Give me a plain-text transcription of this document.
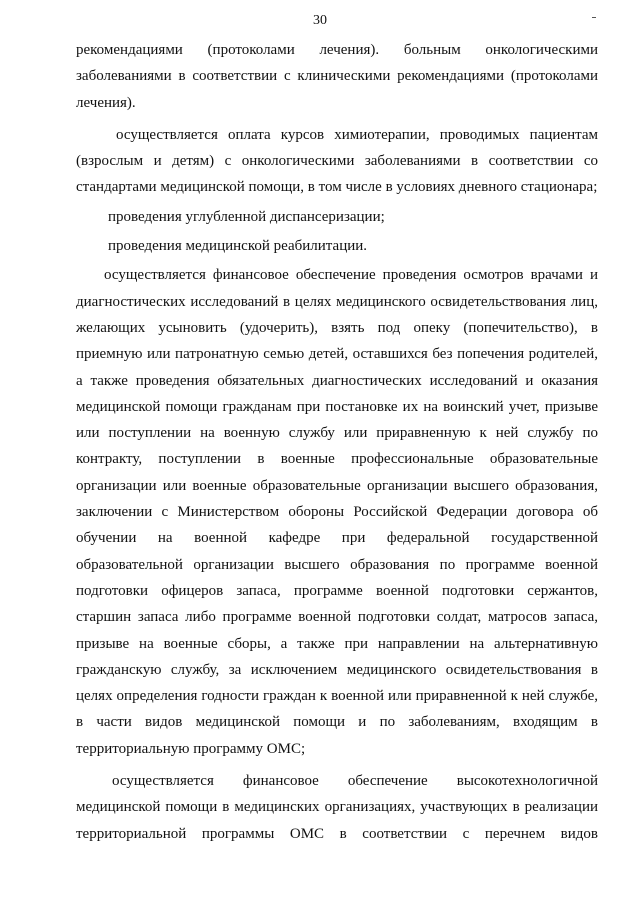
30

рекомендациями (протоколами лечения). больным онкологическими заболеваниями в соответствии с клиническими рекомендациями (протоколами лечения).

осуществляется оплата курсов химиотерапии, проводимых пациентам (взрослым и детям) с онкологическими заболеваниями в соответствии со стандартами медицинской помощи, в том числе в условиях дневного стационара;

проведения углубленной диспансеризации;

проведения медицинской реабилитации.

осуществляется финансовое обеспечение проведения осмотров врачами и диагностических исследований в целях медицинского освидетельствования лиц, желающих усыновить (удочерить), взять под опеку (попечительство), в приемную или патронатную семью детей, оставшихся без попечения родителей, а также проведения обязательных диагностических исследований и оказания медицинской помощи гражданам при постановке их на воинский учет, призыве или поступлении на военную службу или приравненную к ней службу по контракту, поступлении в военные профессиональные образовательные организации или военные образовательные организации высшего образования, заключении с Министерством обороны Российской Федерации договора об обучении на военной кафедре при федеральной государственной образовательной организации высшего образования по программе военной подготовки офицеров запаса, программе военной подготовки сержантов, старшин запаса либо программе военной подготовки солдат, матросов запаса, призыве на военные сборы, а также при направлении на альтернативную гражданскую службу, за исключением медицинского освидетельствования в целях определения годности граждан к военной или приравненной к ней службе, в части видов медицинской помощи и по заболеваниям, входящим в территориальную программу ОМС;

осуществляется финансовое обеспечение высокотехнологичной медицинской помощи в медицинских организациях, участвующих в реализации территориальной программы ОМС в соответствии с перечнем видов
